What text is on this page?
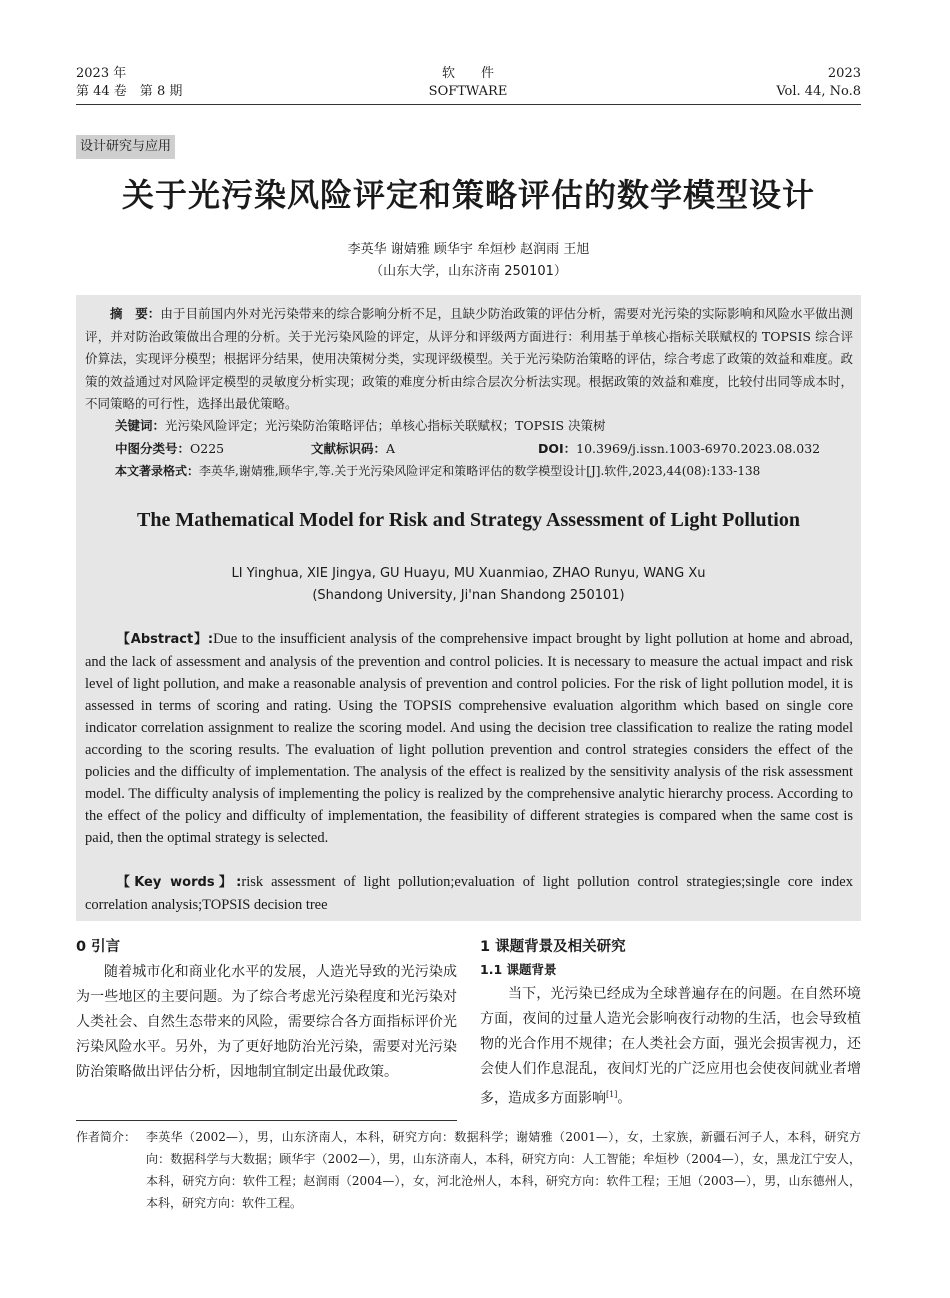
2023 年
第 44 卷　第 8 期
软　　件
SOFTWARE
2023
Vol. 44, No.8
设计研究与应用
关于光污染风险评定和策略评估的数学模型设计
李英华 谢婧雅 顾华宇 牟烜杪 赵润雨 王旭
（山东大学，山东济南 250101）
摘　要：由于目前国内外对光污染带来的综合影响分析不足，且缺少防治政策的评估分析，需要对光污染的实际影响和风险水平做出测评，并对防治政策做出合理的分析。关于光污染风险的评定，从评分和评级两方面进行：利用基于单核心指标关联赋权的 TOPSIS 综合评价算法，实现评分模型；根据评分结果，使用决策树分类，实现评级模型。关于光污染防治策略的评估，综合考虑了政策的效益和难度。政策的效益通过对风险评定模型的灵敏度分析实现；政策的难度分析由综合层次分析法实现。根据政策的效益和难度，比较付出同等成本时，不同策略的可行性，选择出最优策略。
关键词：光污染风险评定；光污染防治策略评估；单核心指标关联赋权；TOPSIS 决策树
中图分类号：O225	文献标识码：A	DOI：10.3969/j.issn.1003-6970.2023.08.032
本文著录格式：李英华,谢婧雅,顾华宇,等.关于光污染风险评定和策略评估的数学模型设计[J].软件,2023,44(08):133-138
The Mathematical Model for Risk and Strategy Assessment of Light Pollution
LI Yinghua, XIE Jingya, GU Huayu, MU Xuanmiao, ZHAO Runyu, WANG Xu
(Shandong University, Ji'nan Shandong 250101)
【Abstract】:Due to the insufficient analysis of the comprehensive impact brought by light pollution at home and abroad, and the lack of assessment and analysis of the prevention and control policies. It is necessary to measure the actual impact and risk level of light pollution, and make a reasonable analysis of prevention and control policies. For the risk of light pollution model, it is assessed in terms of scoring and rating. Using the TOPSIS comprehensive evaluation algorithm which based on single core indicator correlation assignment to realize the scoring model. And using the decision tree classification to realize the rating model according to the scoring results. The evaluation of light pollution prevention and control strategies considers the effect of the policies and the difficulty of implementation. The analysis of the effect is realized by the sensitivity analysis of the risk assessment model. The difficulty analysis of implementing the policy is realized by the comprehensive analytic hierarchy process. According to the effect of the policy and difficulty of implementation, the feasibility of different strategies is compared when the same cost is paid, then the optimal strategy is selected.
【Key words】:risk assessment of light pollution;evaluation of light pollution control strategies;single core index correlation analysis;TOPSIS decision tree
0 引言

随着城市化和商业化水平的发展，人造光导致的光污染成为一些地区的主要问题。为了综合考虑光污染程度和光污染对人类社会、自然生态带来的风险，需要综合各方面指标评价光污染风险水平。另外，为了更好地防治光污染，需要对光污染防治策略做出评估分析，因地制宜制定出最优政策。

1 课题背景及相关研究
1.1 课题背景

当下，光污染已经成为全球普遍存在的问题。在自然环境方面，夜间的过量人造光会影响夜行动物的生活，也会导致植物的光合作用不规律；在人类社会方面，强光会损害视力，还会使人们作息混乱，夜间灯光的广泛应用也会使夜间就业者增多，造成多方面影响[1]。

作者简介： 李英华（2002—），男，山东济南人，本科，研究方向：数据科学；谢婧雅（2001—），女，土家族，新疆石河子人，本科，研究方向：数据科学与大数据；顾华宇（2002—），男，山东济南人，本科，研究方向：人工智能；牟烜杪（2004—），女，黑龙江宁安人，本科，研究方向：软件工程；赵润雨（2004—），女，河北沧州人，本科，研究方向：软件工程；王旭（2003—），男，山东德州人，本科，研究方向：软件工程。
